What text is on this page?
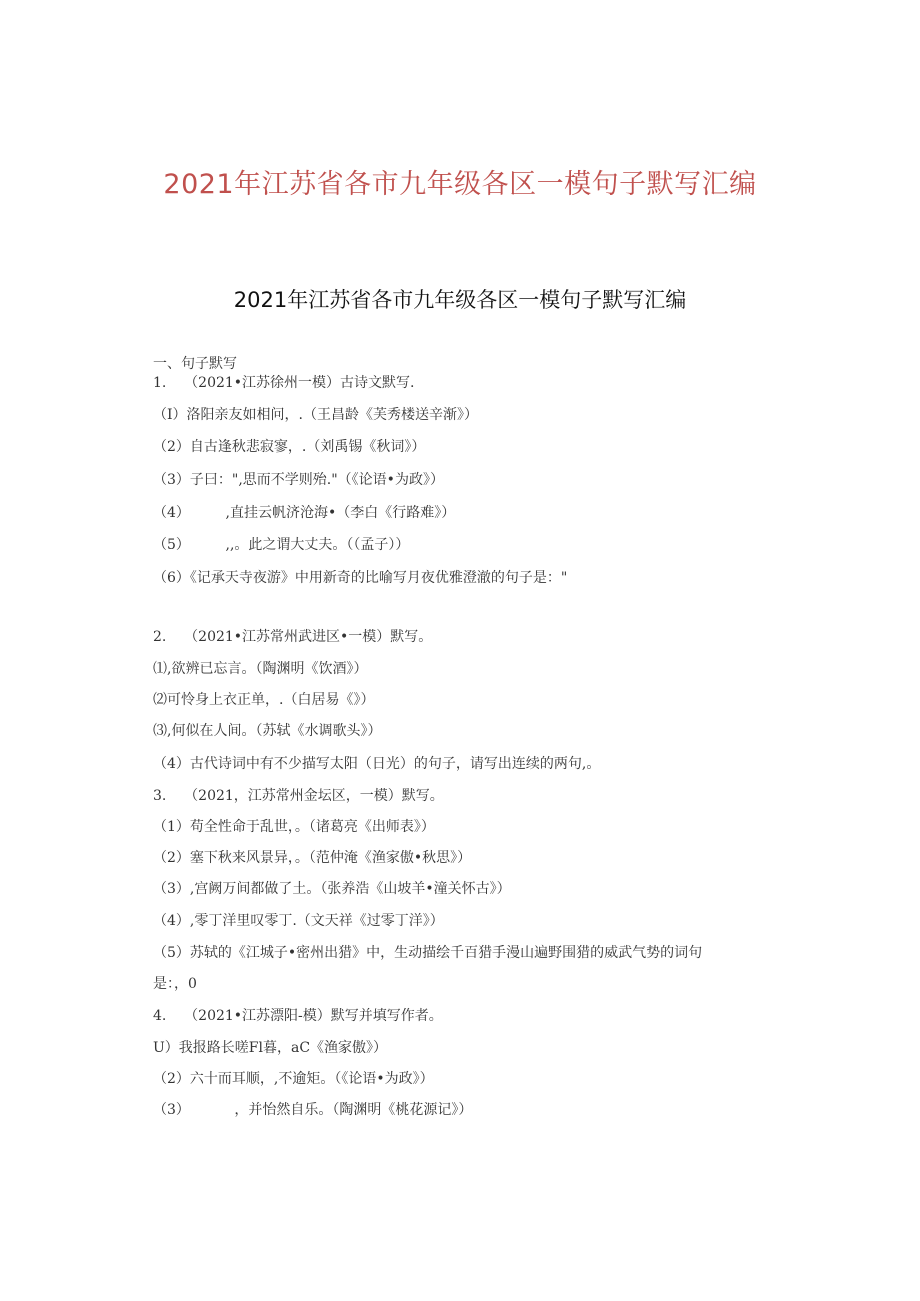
2021年江苏省各市九年级各区一模句子默写汇编
2021年江苏省各市九年级各区一模句子默写汇编
一、句子默写
1.    （2021•江苏徐州一模）古诗文默写.
（I）洛阳亲友如相问，.（王昌龄《芙秀楼送辛渐》）
（2）自古逢秋悲寂寥，.（刘禹锡《秋词》）
（3）子曰：",思而不学则殆."（《论语•为政》）
（4）        ,直挂云帆济沧海•（李白《行路难》）
（5）        ,,。此之谓大丈夫。（（孟子））
（6）《记承天寺夜游》中用新奇的比喻写月夜优雅澄澈的句子是："
2.    （2021•江苏常州武进区•一模）默写。
⑴,欲辨已忘言。（陶渊明《饮酒》）
⑵可怜身上衣正单，.（白居易《》）
⑶,何似在人间。（苏轼《水调歌头》）
（4）古代诗词中有不少描写太阳（日光）的句子，请写出连续的两句,。
3.    （2021，江苏常州金坛区，一模）默写。
（1）苟全性命于乱世，。（诸葛亮《出师表》）
（2）塞下秋来风景异，。（范仲淹《渔家傲•秋思》）
（3）,宫阙万间都做了土。（张养浩《山坡羊•潼关怀古》）
（4）,零丁洋里叹零丁.（文天祥《过零丁洋》）
（5）苏轼的《江城子•密州出猎》中，生动描绘千百猎手漫山遍野围猎的威武气势的词句
是：，0
4.    （2021•江苏漂阳-模）默写并填写作者。
U）我报路长嗟Fl暮，aC《渔家傲》）
（2）六十而耳顺，,不逾矩。（《论语•为政》）
（3）          ，并怡然自乐。（陶渊明《桃花源记》）
